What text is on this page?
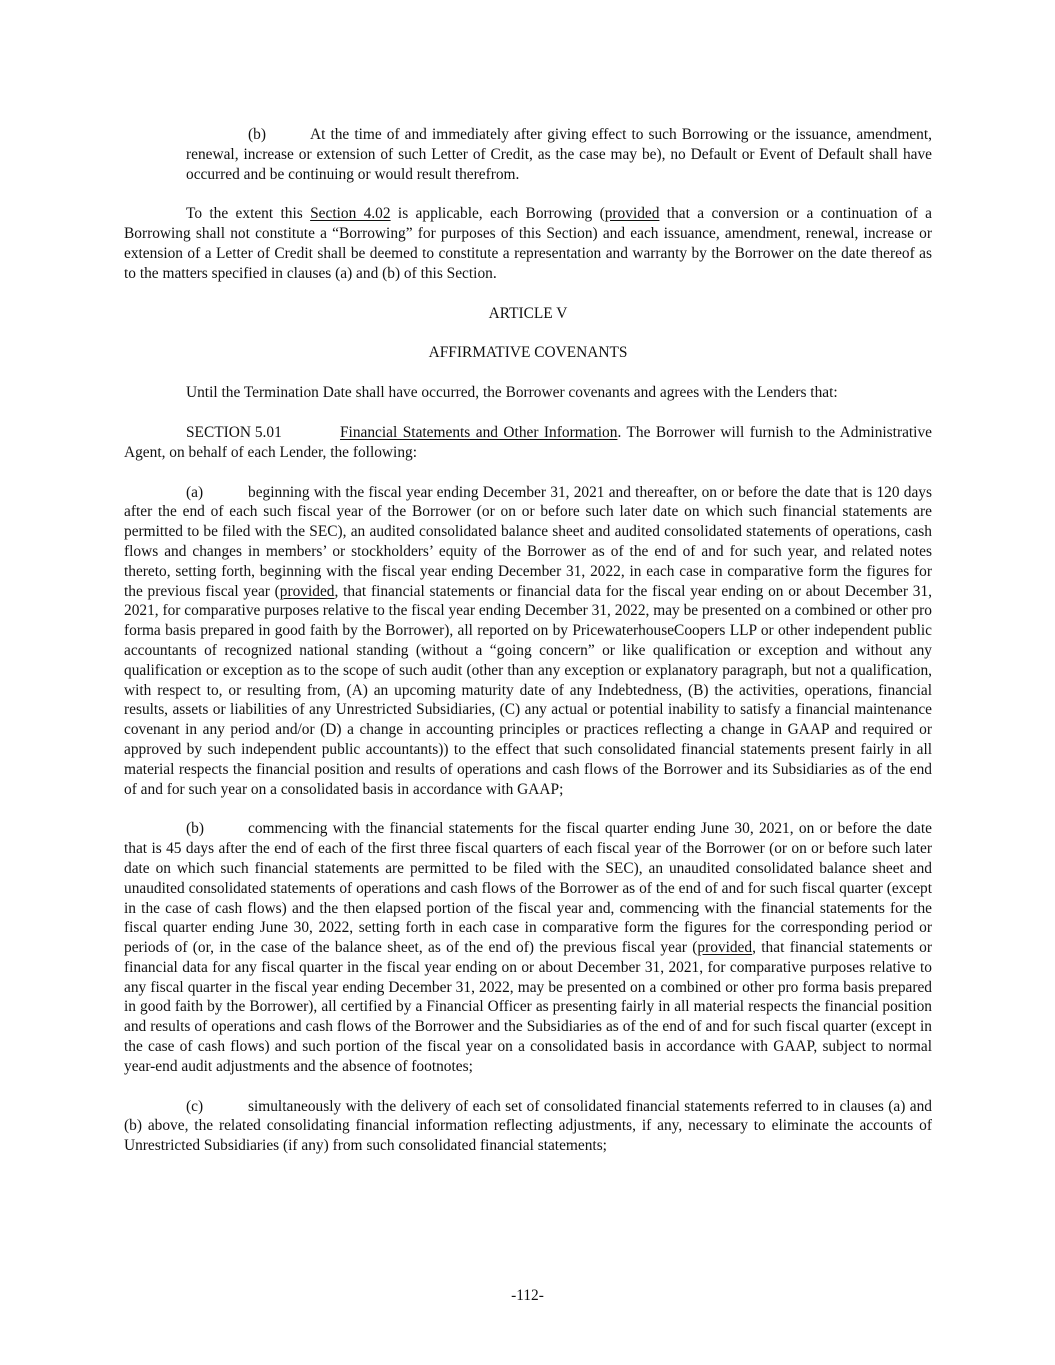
(b)	At the time of and immediately after giving effect to such Borrowing or the issuance, amendment, renewal, increase or extension of such Letter of Credit, as the case may be), no Default or Event of Default shall have occurred and be continuing or would result therefrom.

To the extent this Section 4.02 is applicable, each Borrowing (provided that a conversion or a continuation of a Borrowing shall not constitute a “Borrowing” for purposes of this Section) and each issuance, amendment, renewal, increase or extension of a Letter of Credit shall be deemed to constitute a representation and warranty by the Borrower on the date thereof as to the matters specified in clauses (a) and (b) of this Section.

ARTICLE V

AFFIRMATIVE COVENANTS

Until the Termination Date shall have occurred, the Borrower covenants and agrees with the Lenders that:

SECTION 5.01	Financial Statements and Other Information. The Borrower will furnish to the Administrative Agent, on behalf of each Lender, the following:

(a)	beginning with the fiscal year ending December 31, 2021 and thereafter, on or before the date that is 120 days after the end of each such fiscal year of the Borrower (or on or before such later date on which such financial statements are permitted to be filed with the SEC), an audited consolidated balance sheet and audited consolidated statements of operations, cash flows and changes in members’ or stockholders’ equity of the Borrower as of the end of and for such year, and related notes thereto, setting forth, beginning with the fiscal year ending December 31, 2022, in each case in comparative form the figures for the previous fiscal year (provided, that financial statements or financial data for the fiscal year ending on or about December 31, 2021, for comparative purposes relative to the fiscal year ending December 31, 2022, may be presented on a combined or other pro forma basis prepared in good faith by the Borrower), all reported on by PricewaterhouseCoopers LLP or other independent public accountants of recognized national standing (without a “going concern” or like qualification or exception and without any qualification or exception as to the scope of such audit (other than any exception or explanatory paragraph, but not a qualification, with respect to, or resulting from, (A) an upcoming maturity date of any Indebtedness, (B) the activities, operations, financial results, assets or liabilities of any Unrestricted Subsidiaries, (C) any actual or potential inability to satisfy a financial maintenance covenant in any period and/or (D) a change in accounting principles or practices reflecting a change in GAAP and required or approved by such independent public accountants)) to the effect that such consolidated financial statements present fairly in all material respects the financial position and results of operations and cash flows of the Borrower and its Subsidiaries as of the end of and for such year on a consolidated basis in accordance with GAAP;

(b)	commencing with the financial statements for the fiscal quarter ending June 30, 2021, on or before the date that is 45 days after the end of each of the first three fiscal quarters of each fiscal year of the Borrower (or on or before such later date on which such financial statements are permitted to be filed with the SEC), an unaudited consolidated balance sheet and unaudited consolidated statements of operations and cash flows of the Borrower as of the end of and for such fiscal quarter (except in the case of cash flows) and the then elapsed portion of the fiscal year and, commencing with the financial statements for the fiscal quarter ending June 30, 2022, setting forth in each case in comparative form the figures for the corresponding period or periods of (or, in the case of the balance sheet, as of the end of) the previous fiscal year (provided, that financial statements or financial data for any fiscal quarter in the fiscal year ending on or about December 31, 2021, for comparative purposes relative to any fiscal quarter in the fiscal year ending December 31, 2022, may be presented on a combined or other pro forma basis prepared in good faith by the Borrower), all certified by a Financial Officer as presenting fairly in all material respects the financial position and results of operations and cash flows of the Borrower and the Subsidiaries as of the end of and for such fiscal quarter (except in the case of cash flows) and such portion of the fiscal year on a consolidated basis in accordance with GAAP, subject to normal year-end audit adjustments and the absence of footnotes;

(c)	simultaneously with the delivery of each set of consolidated financial statements referred to in clauses (a) and (b) above, the related consolidating financial information reflecting adjustments, if any, necessary to eliminate the accounts of Unrestricted Subsidiaries (if any) from such consolidated financial statements;

-112-
